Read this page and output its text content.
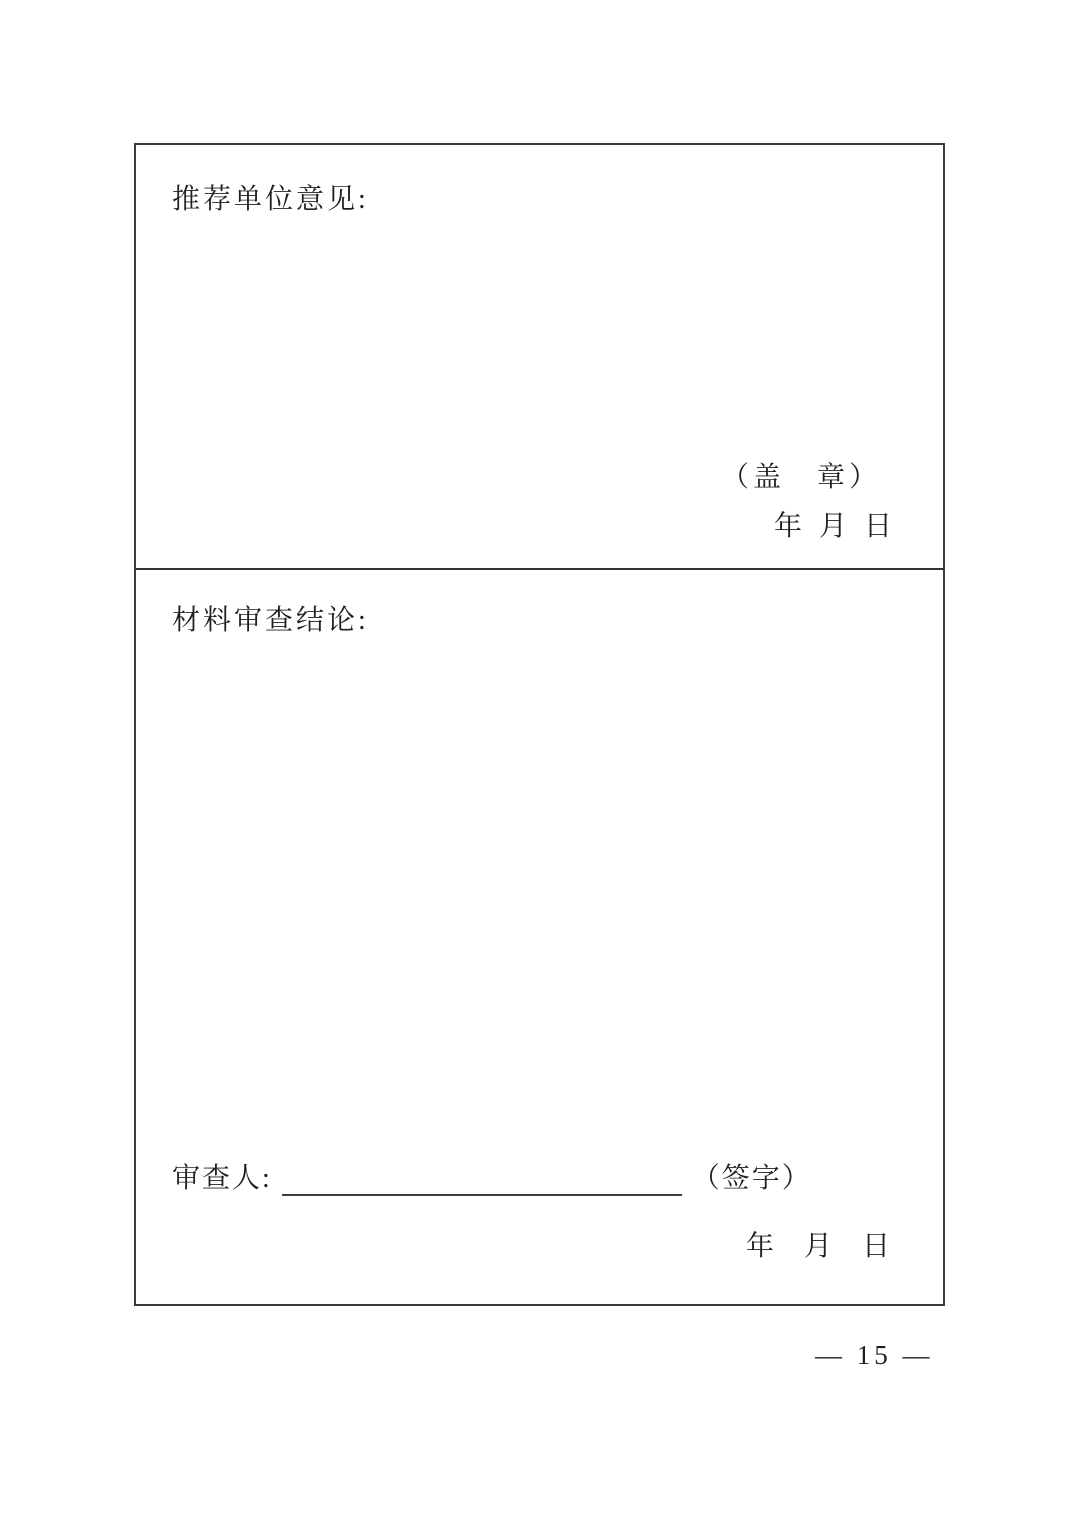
推荐单位意见:
（盖　章）
年 月 日
材料审查结论:
审查人:	（签字）
年 月 日
— 15 —
